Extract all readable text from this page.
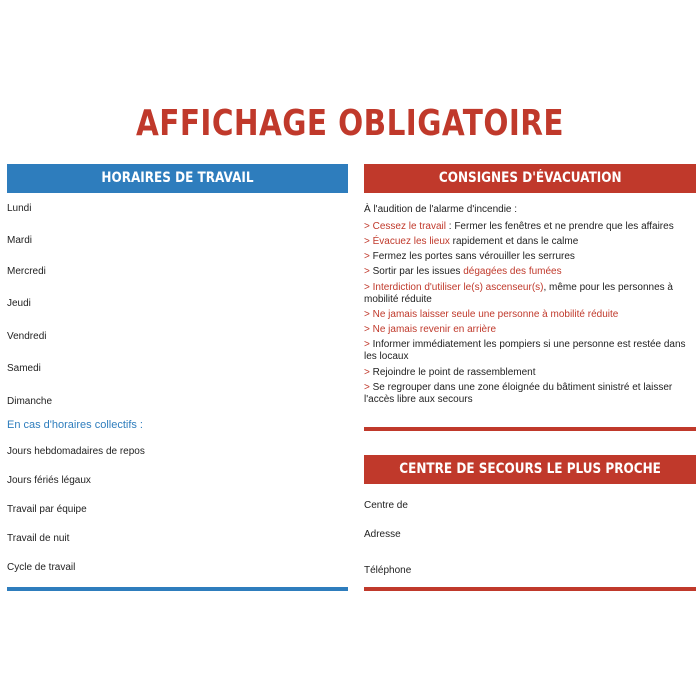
AFFICHAGE OBLIGATOIRE
HORAIRES DE TRAVAIL
Lundi
Mardi
Mercredi
Jeudi
Vendredi
Samedi
Dimanche
En cas d'horaires collectifs :
Jours hebdomadaires de repos
Jours fériés légaux
Travail par équipe
Travail de nuit
Cycle de travail
CONSIGNES D'ÉVACUATION
À l'audition de l'alarme d'incendie :
> Cessez le travail : Fermer les fenêtres et ne prendre que les affaires
> Évacuez les lieux rapidement et dans le calme
> Fermez les portes sans vérouiller les serrures
> Sortir par les issues dégagées des fumées
> Interdiction d'utiliser le(s) ascenseur(s), même pour les personnes à mobilité réduite
> Ne jamais laisser seule une personne à mobilité réduite
> Ne jamais revenir en arrière
> Informer immédiatement les pompiers si une personne est restée dans les locaux
> Rejoindre le point de rassemblement
> Se regrouper dans une zone éloignée du bâtiment sinistré et laisser l'accès libre aux secours
CENTRE DE SECOURS LE PLUS PROCHE
Centre de
Adresse
Téléphone
